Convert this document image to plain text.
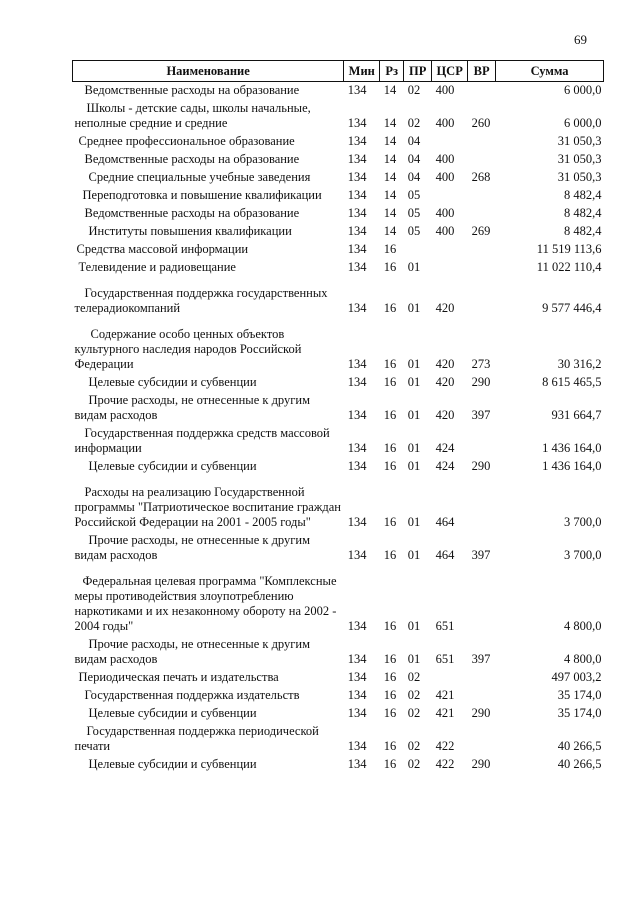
69
Наименование	Мин	Рз	ПР	ЦСР	ВР	Сумма
Ведомственные расходы на образование	134	14	02	400		6 000,0
Школы - детские сады, школы начальные, неполные средние и средние	134	14	02	400	260	6 000,0
Среднее профессиональное образование	134	14	04			31 050,3
Ведомственные расходы на образование	134	14	04	400		31 050,3
Средние специальные учебные заведения	134	14	04	400	268	31 050,3
Переподготовка и повышение квалификации	134	14	05			8 482,4
Ведомственные расходы на образование	134	14	05	400		8 482,4
Институты повышения квалификации	134	14	05	400	269	8 482,4
Средства массовой информации	134	16				11 519 113,6
Телевидение и радиовещание	134	16	01			11 022 110,4
Государственная поддержка государственных телерадиокомпаний	134	16	01	420		9 577 446,4
Содержание особо ценных объектов культурного наследия народов Российской Федерации	134	16	01	420	273	30 316,2
Целевые субсидии и субвенции	134	16	01	420	290	8 615 465,5
Прочие расходы, не отнесенные к другим видам расходов	134	16	01	420	397	931 664,7
Государственная поддержка средств массовой информации	134	16	01	424		1 436 164,0
Целевые субсидии и субвенции	134	16	01	424	290	1 436 164,0
Расходы на реализацию Государственной программы "Патриотическое воспитание граждан Российской Федерации на 2001 - 2005 годы"	134	16	01	464		3 700,0
Прочие расходы, не отнесенные к другим видам расходов	134	16	01	464	397	3 700,0
Федеральная целевая программа "Комплексные меры противодействия злоупотреблению наркотиками и их незаконному обороту на 2002 - 2004 годы"	134	16	01	651		4 800,0
Прочие расходы, не отнесенные к другим видам расходов	134	16	01	651	397	4 800,0
Периодическая печать и издательства	134	16	02			497 003,2
Государственная поддержка издательств	134	16	02	421		35 174,0
Целевые субсидии и субвенции	134	16	02	421	290	35 174,0
Государственная поддержка периодической печати	134	16	02	422		40 266,5
Целевые субсидии и субвенции	134	16	02	422	290	40 266,5
